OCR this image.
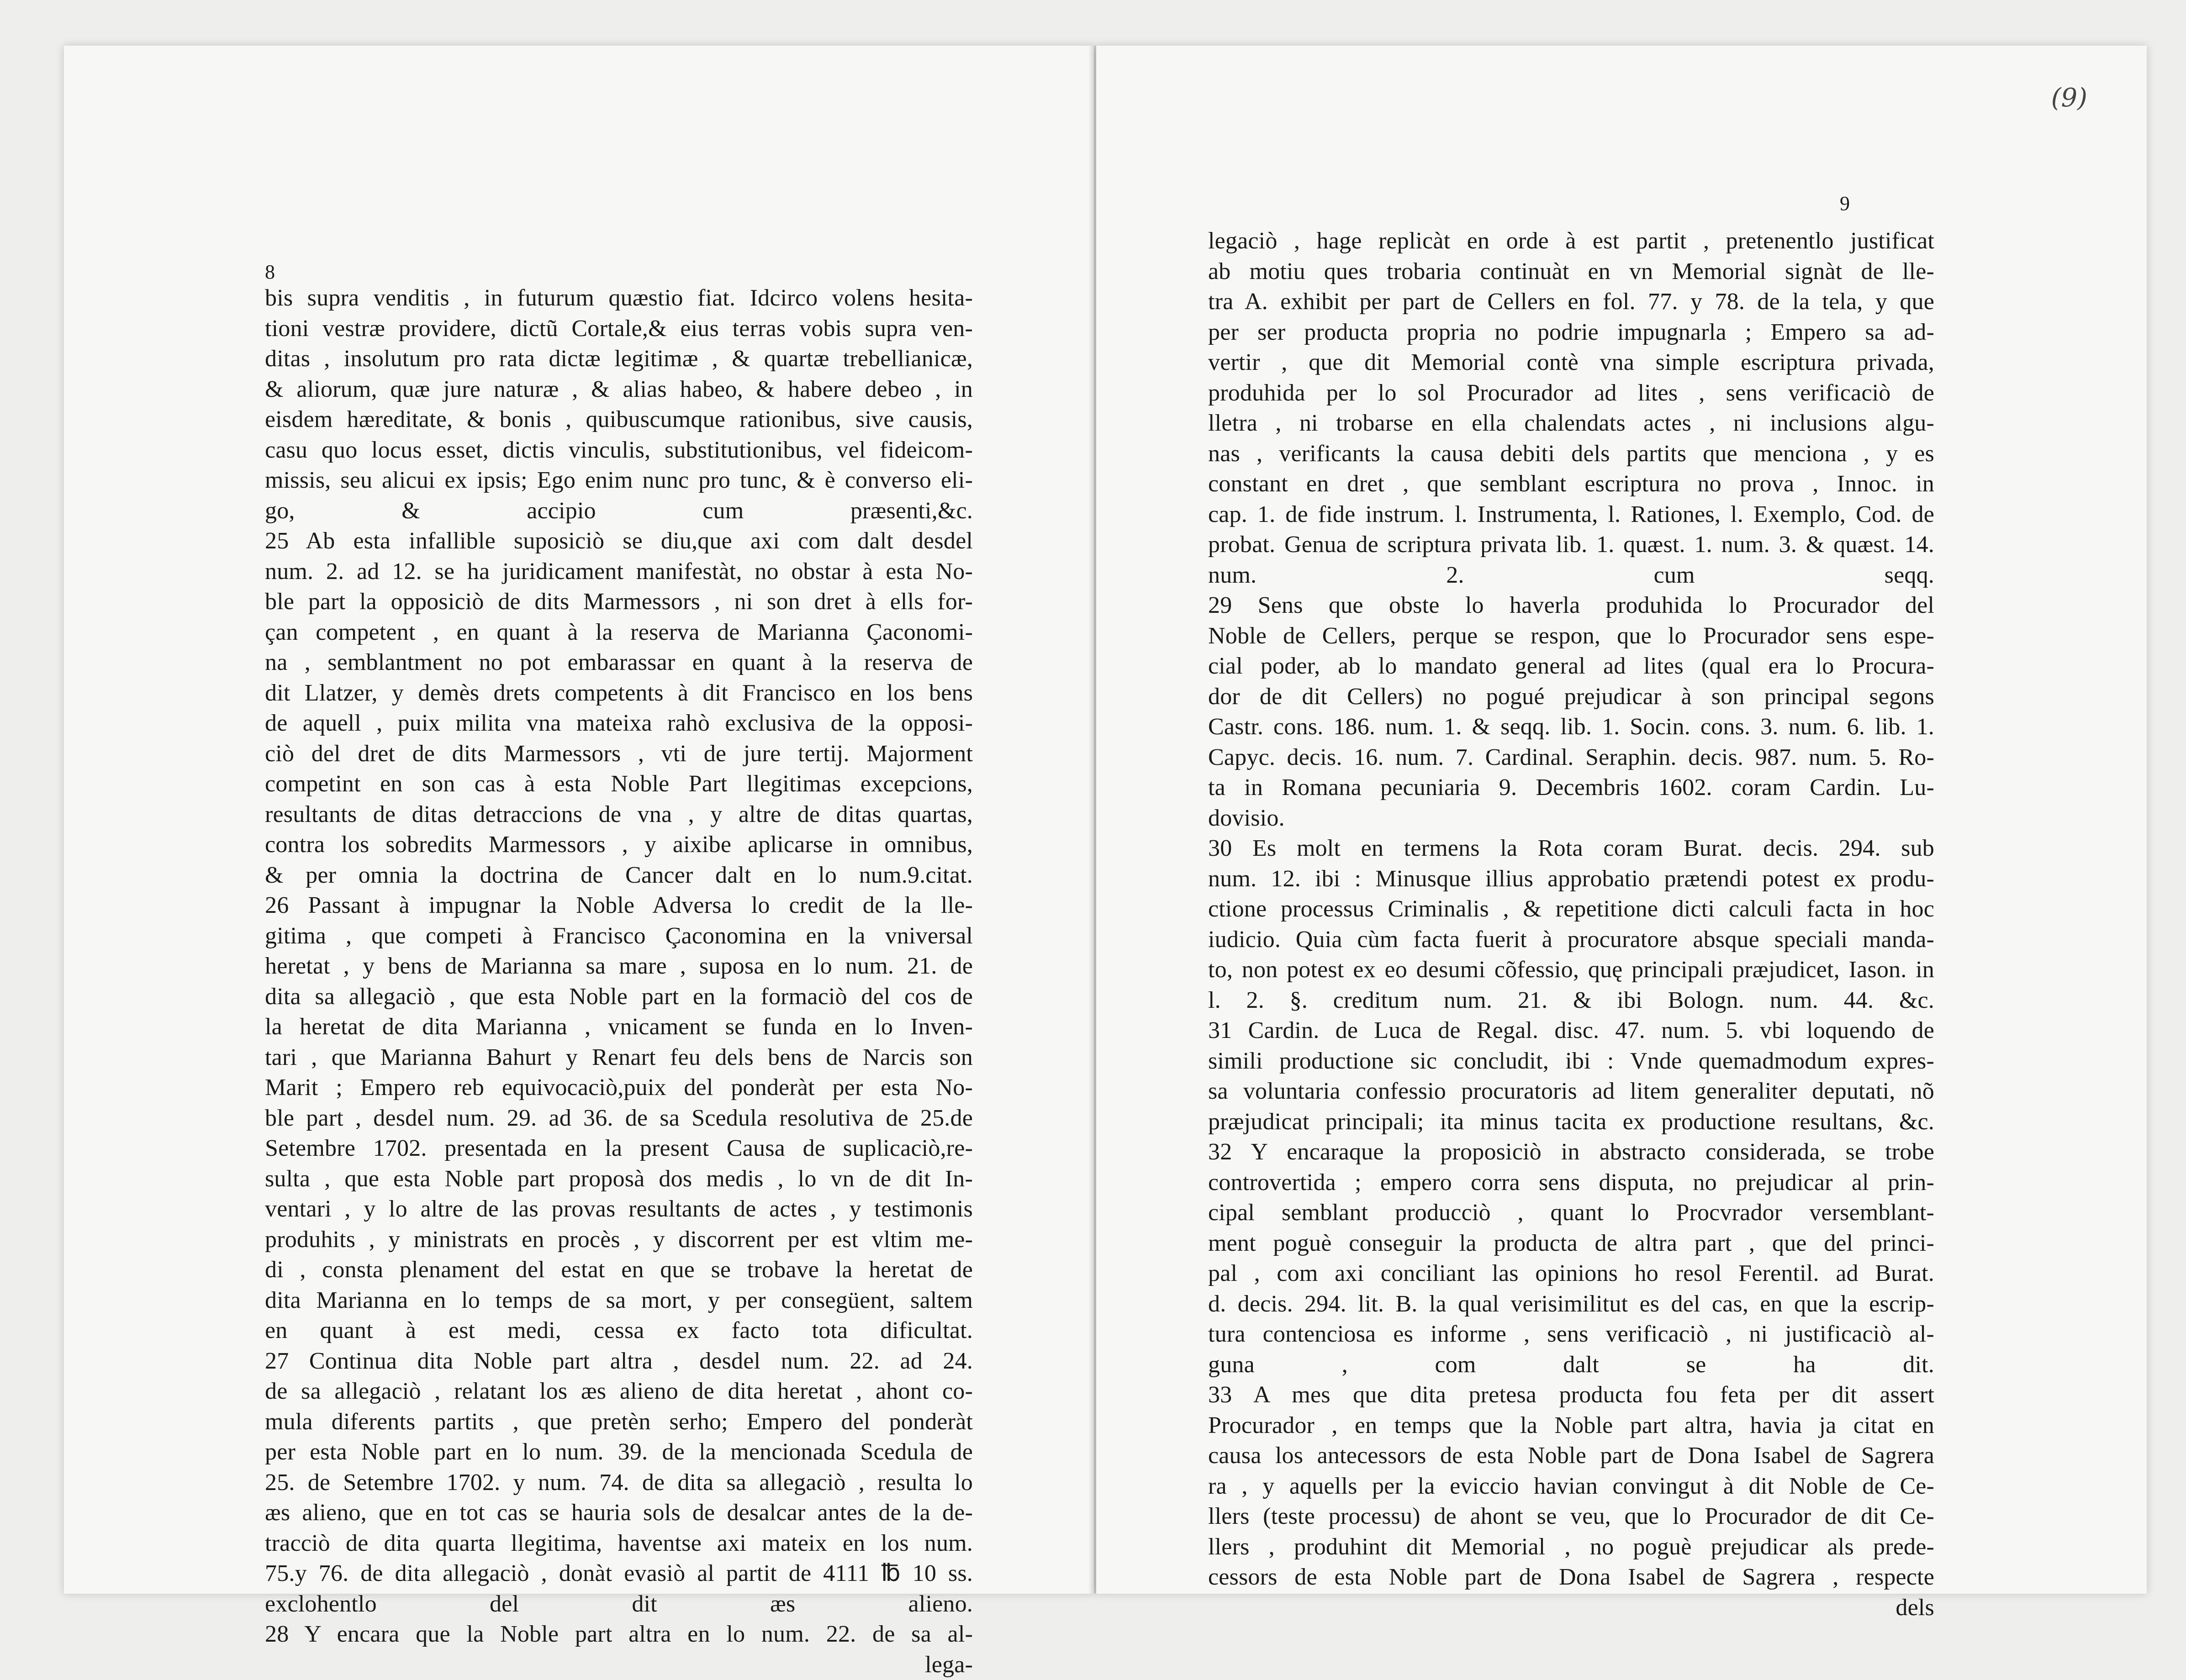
8
bis supra venditis , in futurum quæstio fiat. Idcirco volens hesita-
tioni vestræ providere, dictũ Cortale,& eius terras vobis supra ven-
ditas , insolutum pro rata dictæ legitimæ , & quartæ trebellianicæ,
& aliorum, quæ jure naturæ , & alias habeo, & habere debeo , in
eisdem hæreditate, & bonis , quibuscumque rationibus, sive causis,
casu quo locus esset, dictis vinculis, substitutionibus, vel fideicom-
missis, seu alicui ex ipsis; Ego enim nunc pro tunc, & è converso eli-
go, & accipio cum præsenti,&c.
25 Ab esta infallible suposiciò se diu,que axi com dalt desdel
num. 2. ad 12. se ha juridicament manifestàt, no obstar à esta No-
ble part la opposiciò de dits Marmessors , ni son dret à ells for-
çan competent , en quant à la reserva de Marianna Çaconomi-
na , semblantment no pot embarassar en quant à la reserva de
dit Llatzer, y demès drets competents à dit Francisco en los bens
de aquell , puix milita vna mateixa rahò exclusiva de la opposi-
ciò del dret de dits Marmessors , vti de jure tertij. Majorment
competint en son cas à esta Noble Part llegitimas excepcions,
resultants de ditas detraccions de vna , y altre de ditas quartas,
contra los sobredits Marmessors , y aixibe aplicarse in omnibus,
& per omnia la doctrina de Cancer dalt en lo num.9.citat.
26 Passant à impugnar la Noble Adversa lo credit de la lle-
gitima , que competi à Francisco Çaconomina en la vniversal
heretat , y bens de Marianna sa mare , suposa en lo num. 21. de
dita sa allegaciò , que esta Noble part en la formaciò del cos de
la heretat de dita Marianna , vnicament se funda en lo Inven-
tari , que Marianna Bahurt y Renart feu dels bens de Narcis son
Marit ; Empero reb equivocaciò,puix del ponderàt per esta No-
ble part , desdel num. 29. ad 36. de sa Scedula resolutiva de 25.de
Setembre 1702. presentada en la present Causa de suplicaciò,re-
sulta , que esta Noble part proposà dos medis , lo vn de dit In-
ventari , y lo altre de las provas resultants de actes , y testimonis
produhits , y ministrats en procès , y discorrent per est vltim me-
di , consta plenament del estat en que se trobave la heretat de
dita Marianna en lo temps de sa mort, y per consegüent, saltem
en quant à est medi, cessa ex facto tota dificultat.
27 Continua dita Noble part altra , desdel num. 22. ad 24.
de sa allegaciò , relatant los æs alieno de dita heretat , ahont co-
mula diferents partits , que pretèn serho; Empero del ponderàt
per esta Noble part en lo num. 39. de la mencionada Scedula de
25. de Setembre 1702. y num. 74. de dita sa allegaciò , resulta lo
æs alieno, que en tot cas se hauria sols de desalcar antes de la de-
tracciò de dita quarta llegitima, haventse axi mateix en los num.
75.y 76. de dita allegaciò , donàt evasiò al partit de 4111 ℔ 10 ss.
exclohentlo del dit æs alieno.
28 Y encara que la Noble part altra en lo num. 22. de sa al-
lega-
(9)
9
legaciò , hage replicàt en orde à est partit , pretenentlo justificat
ab motiu ques trobaria continuàt en vn Memorial signàt de lle-
tra A. exhibit per part de Cellers en fol. 77. y 78. de la tela, y que
per ser producta propria no podrie impugnarla ; Empero sa ad-
vertir , que dit Memorial contè vna simple escriptura privada,
produhida per lo sol Procurador ad lites , sens verificaciò de
lletra , ni trobarse en ella chalendats actes , ni inclusions algu-
nas , verificants la causa debiti dels partits que menciona , y es
constant en dret , que semblant escriptura no prova , Innoc. in
cap. 1. de fide instrum. l. Instrumenta, l. Rationes, l. Exemplo, Cod. de
probat. Genua de scriptura privata lib. 1. quæst. 1. num. 3. & quæst. 14.
num. 2. cum seqq.
29 Sens que obste lo haverla produhida lo Procurador del
Noble de Cellers, perque se respon, que lo Procurador sens espe-
cial poder, ab lo mandato general ad lites (qual era lo Procura-
dor de dit Cellers) no pogué prejudicar à son principal segons
Castr. cons. 186. num. 1. & seqq. lib. 1. Socin. cons. 3. num. 6. lib. 1.
Capyc. decis. 16. num. 7. Cardinal. Seraphin. decis. 987. num. 5. Ro-
ta in Romana pecuniaria 9. Decembris 1602. coram Cardin. Lu-
dovisio.
30 Es molt en termens la Rota coram Burat. decis. 294. sub
num. 12. ibi : Minusque illius approbatio prætendi potest ex produ-
ctione processus Criminalis , & repetitione dicti calculi facta in hoc
iudicio. Quia cùm facta fuerit à procuratore absque speciali manda-
to, non potest ex eo desumi cõfessio, quę principali præjudicet, Iason. in
l. 2. §. creditum num. 21. & ibi Bologn. num. 44. &c.
31 Cardin. de Luca de Regal. disc. 47. num. 5. vbi loquendo de
simili productione sic concludit, ibi : Vnde quemadmodum expres-
sa voluntaria confessio procuratoris ad litem generaliter deputati, nõ
præjudicat principali; ita minus tacita ex productione resultans, &c.
32 Y encaraque la proposiciò in abstracto considerada, se trobe
controvertida ; empero corra sens disputa, no prejudicar al prin-
cipal semblant producciò , quant lo Procvrador versemblant-
ment poguè conseguir la producta de altra part , que del princi-
pal , com axi conciliant las opinions ho resol Ferentil. ad Burat.
d. decis. 294. lit. B. la qual verisimilitut es del cas, en que la escrip-
tura contenciosa es informe , sens verificaciò , ni justificaciò al-
guna , com dalt se ha dit.
33 A mes que dita pretesa producta fou feta per dit assert
Procurador , en temps que la Noble part altra, havia ja citat en
causa los antecessors de esta Noble part de Dona Isabel de Sagrera
ra , y aquells per la eviccio havian convingut à dit Noble de Ce-
llers (teste processu) de ahont se veu, que lo Procurador de dit Ce-
llers , produhint dit Memorial , no poguè prejudicar als prede-
cessors de esta Noble part de Dona Isabel de Sagrera , respecte
dels
